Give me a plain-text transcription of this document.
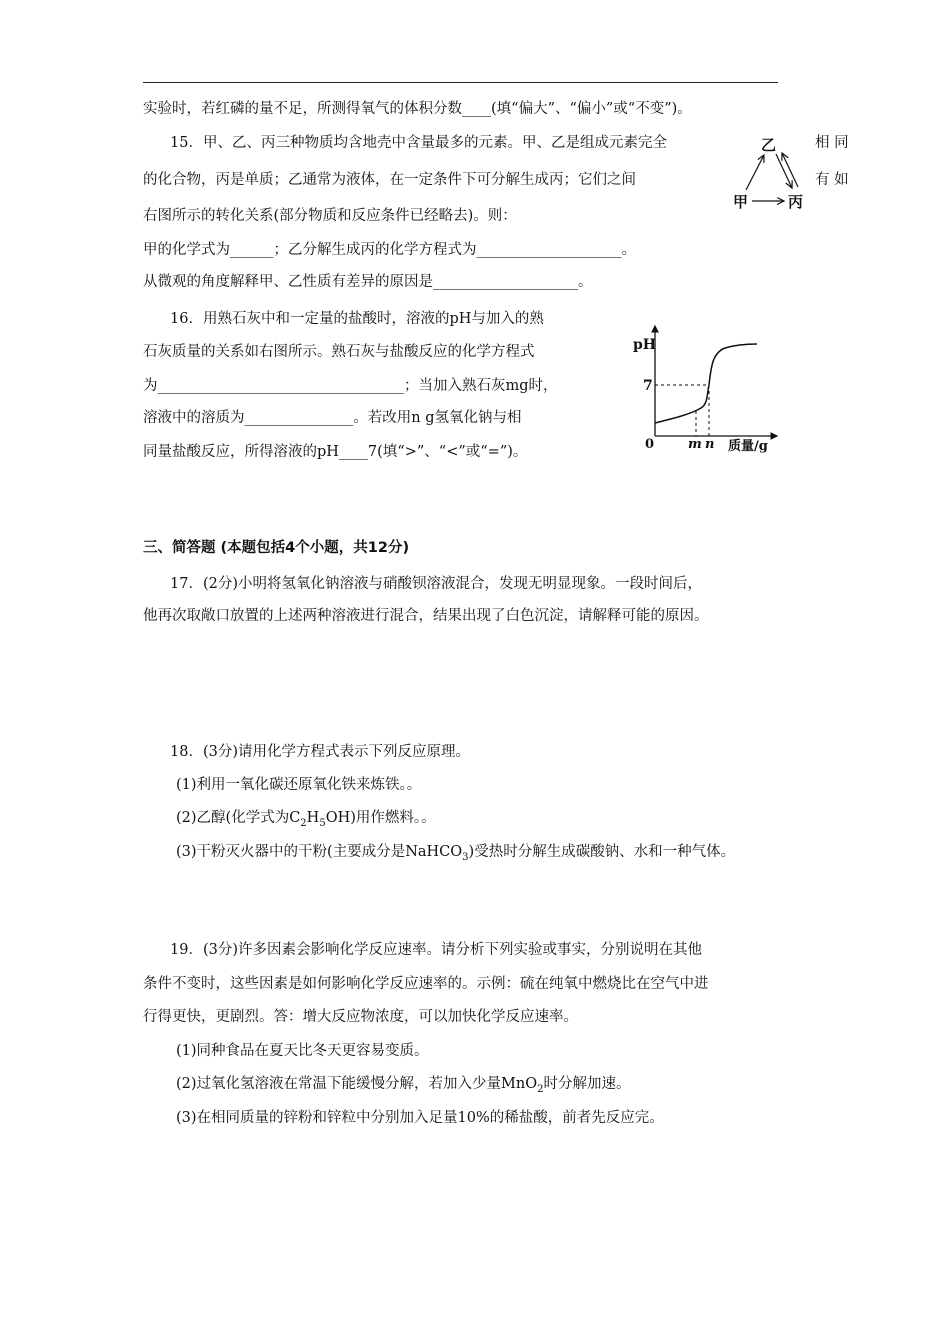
实验时，若红磷的量不足，所测得氧气的体积分数____(填“偏大”、“偏小”或“不变”)。
15．甲、乙、丙三种物质均含地壳中含量最多的元素。甲、乙是组成元素完全	相 同
的化合物，丙是单质；乙通常为液体，在一定条件下可分解生成丙；它们之间	有 如
右图所示的转化关系(部分物质和反应条件已经略去)。则：
甲的化学式为______；乙分解生成丙的化学方程式为____________________。
从微观的角度解释甲、乙性质有差异的原因是____________________。
乙
甲	丙
16．用熟石灰中和一定量的盐酸时，溶液的pH与加入的熟
石灰质量的关系如右图所示。熟石灰与盐酸反应的化学方程式
为__________________________________；当加入熟石灰mg时，
溶液中的溶质为_______________。若改用n g氢氧化钠与相
同量盐酸反应，所得溶液的pH____7(填“>”、“<”或“=”)。
pH
7
0	m n 质量/g
三、简答题 (本题包括4个小题，共12分)
17．(2分)小明将氢氧化钠溶液与硝酸钡溶液混合，发现无明显现象。一段时间后，
他再次取敞口放置的上述两种溶液进行混合，结果出现了白色沉淀，请解释可能的原因。
18．(3分)请用化学方程式表示下列反应原理。
(1)利用一氧化碳还原氧化铁来炼铁。。
(2)乙醇(化学式为$C_2H_5OH$)用作燃料。。
(3)干粉灭火器中的干粉(主要成分是NaHCO$_3$)受热时分解生成碳酸钠、水和一种气体。
19．(3分)许多因素会影响化学反应速率。请分析下列实验或事实，分别说明在其他
条件不变时，这些因素是如何影响化学反应速率的。示例：硫在纯氧中燃烧比在空气中进
行得更快，更剧烈。答：增大反应物浓度，可以加快化学反应速率。
(1)同种食品在夏天比冬天更容易变质。
(2)过氧化氢溶液在常温下能缓慢分解，若加入少量MnO$_2$时分解加速。
(3)在相同质量的锌粉和锌粒中分别加入足量10%的稀盐酸，前者先反应完。
